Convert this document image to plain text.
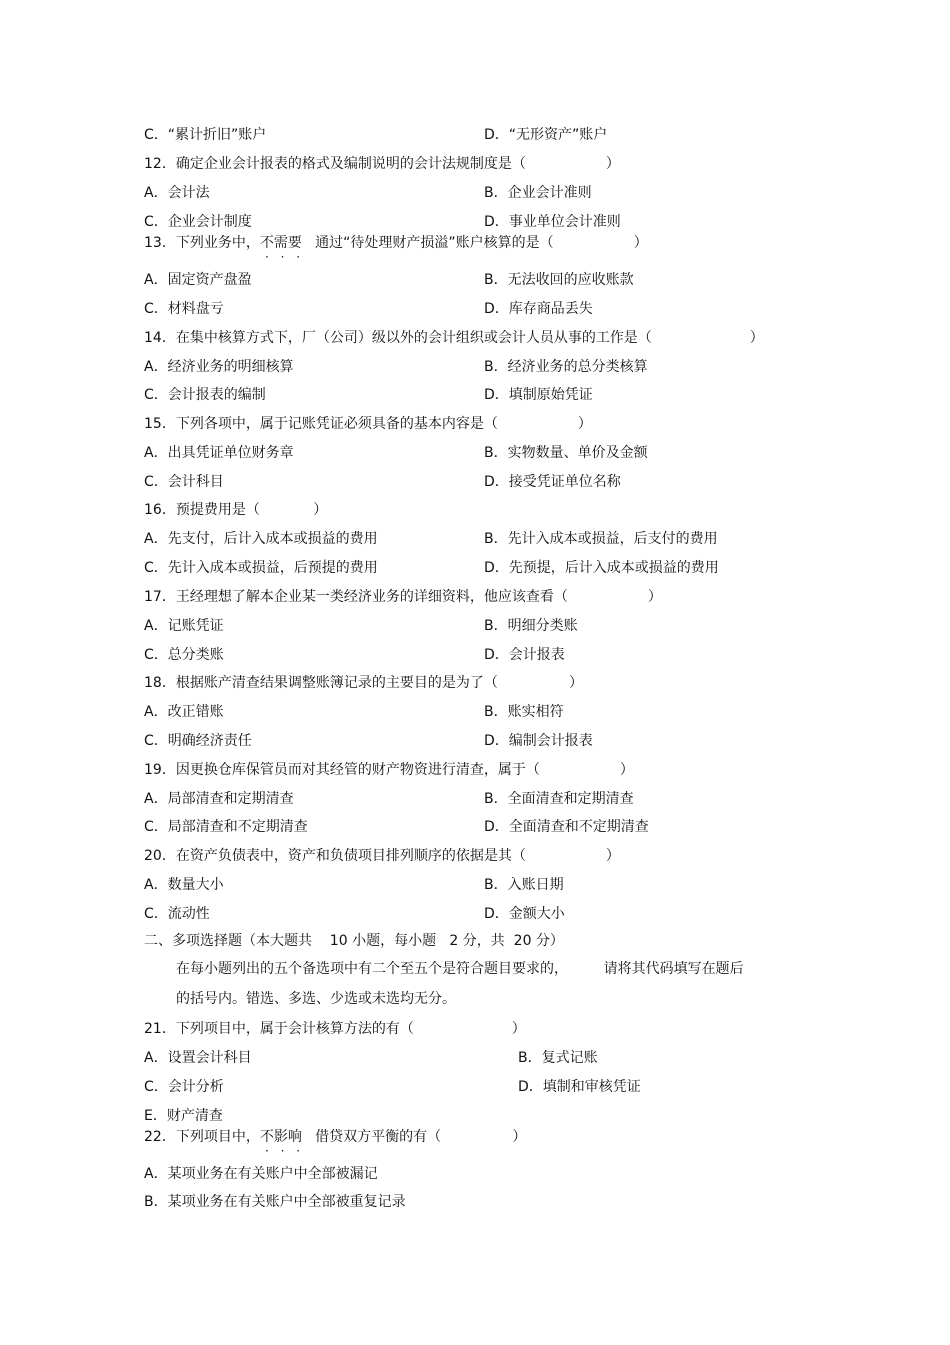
C．“累计折旧”账户	D．“无形资产”账户
12．确定企业会计报表的格式及编制说明的会计法规制度是（                  ）
A．会计法	B．企业会计准则
C．企业会计制度	D．事业单位会计准则
13．下列业务中，不需要   通过“待处理财产损溢”账户核算的是（                  ）
A．固定资产盘盈	B．无法收回的应收账款
C．材料盘亏	D．库存商品丢失
14．在集中核算方式下，厂（公司）级以外的会计组织或会计人员从事的工作是（                      ）
A．经济业务的明细核算	B．经济业务的总分类核算
C．会计报表的编制	D．填制原始凭证
15．下列各项中，属于记账凭证必须具备的基本内容是（                  ）
A．出具凭证单位财务章	B．实物数量、单价及金额
C．会计科目	D．接受凭证单位名称
16．预提费用是（            ）
A．先支付，后计入成本或损益的费用	B．先计入成本或损益，后支付的费用
C．先计入成本或损益，后预提的费用	D．先预提，后计入成本或损益的费用
17．王经理想了解本企业某一类经济业务的详细资料，他应该查看（                  ）
A．记账凭证	B．明细分类账
C．总分类账	D．会计报表
18．根据账产清查结果调整账簿记录的主要目的是为了（                ）
A．改正错账	B．账实相符
C．明确经济责任	D．编制会计报表
19．因更换仓库保管员而对其经管的财产物资进行清查，属于（                  ）
A．局部清查和定期清查	B．全面清查和定期清查
C．局部清查和不定期清查	D．全面清查和不定期清查
20．在资产负债表中，资产和负债项目排列顺序的依据是其（                  ）
A．数量大小	B．入账日期
C．流动性	D．金额大小
二、多项选择题（本大题共    10 小题，每小题   2 分，共  20 分）
在每小题列出的五个备选项中有二个至五个是符合题目要求的，        请将其代码填写在题后
的括号内。错选、多选、少选或未选均无分。
21．下列项目中，属于会计核算方法的有（                      ）
A．设置会计科目	B．复式记账
C．会计分析	D．填制和审核凭证
E．财产清查
22．下列项目中，不影响   借贷双方平衡的有（                ）
A．某项业务在有关账户中全部被漏记
B．某项业务在有关账户中全部被重复记录
· · ·
· · ·
